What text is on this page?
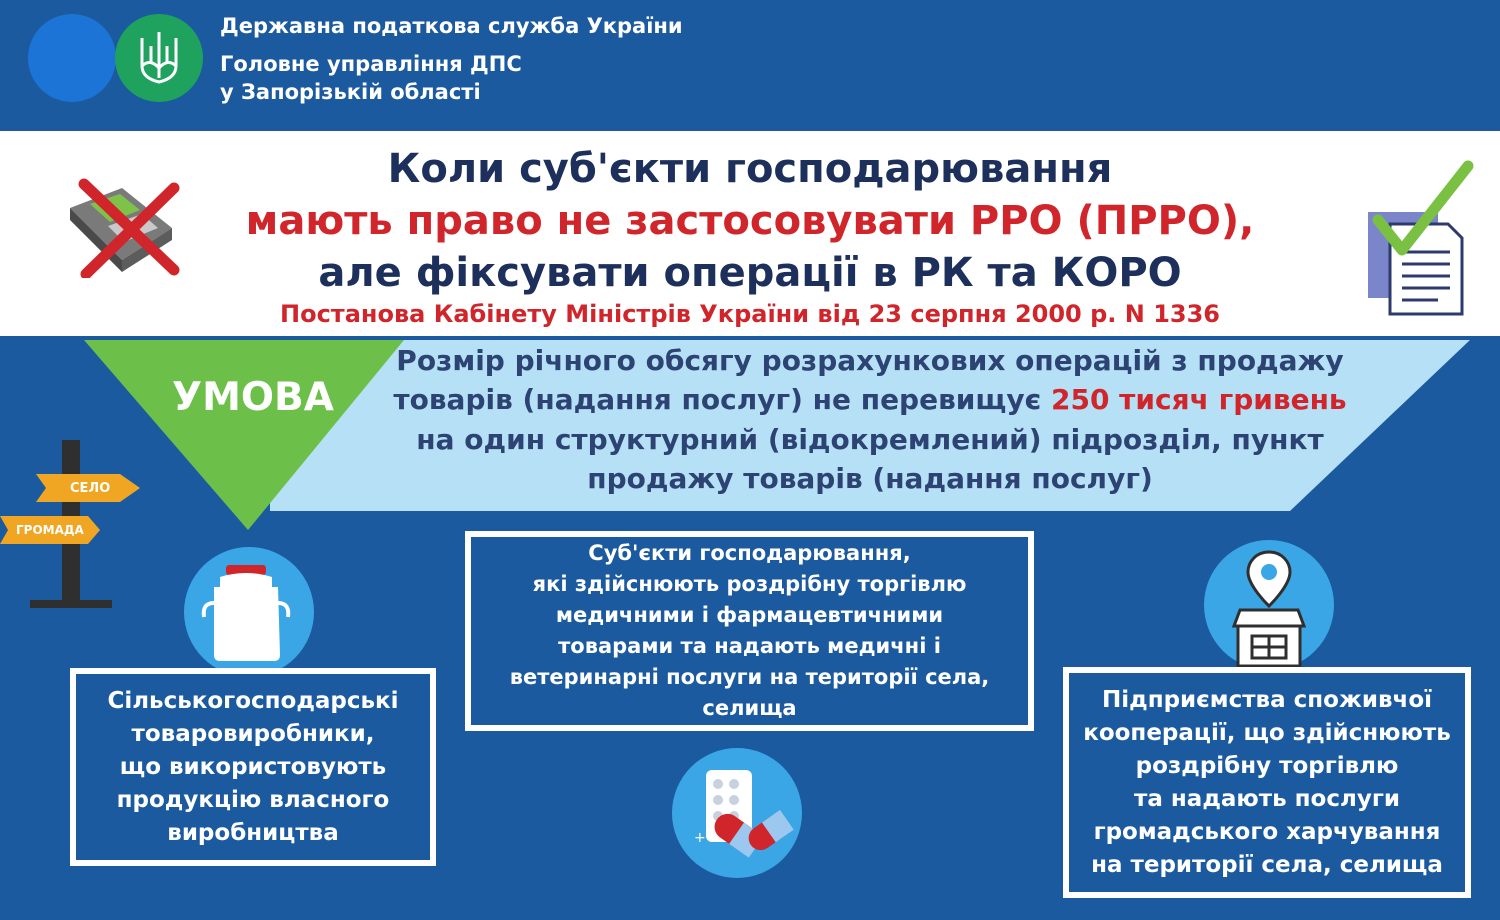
Державна податкова служба України
Головне управління ДПС
у Запорізькій області
Коли суб'єкти господарювання
мають право не застосовувати РРО (ПРРО),
але фіксувати операції в РК та КОРО
Постанова Кабінету Міністрів України від 23 серпня 2000 р. N 1336
УМОВА
Розмір річного обсягу розрахункових операцій з продажу
товарів (надання послуг) не перевищує 250 тисяч гривень
на один структурний (відокремлений) підрозділ, пункт
продажу товарів (надання послуг)
СЕЛО
ГРОМАДА
+
Сільськогосподарські
товаровиробники,
що використовують
продукцію власного
виробництва
Суб'єкти господарювання,
які здійснюють роздрібну торгівлю
медичними і фармацевтичними
товарами та надають медичні і
ветеринарні послуги на території села,
селища	Підприємства споживчої
кооперації, що здійснюють
роздрібну торгівлю
та надають послуги
громадського харчування
на території села, селища
